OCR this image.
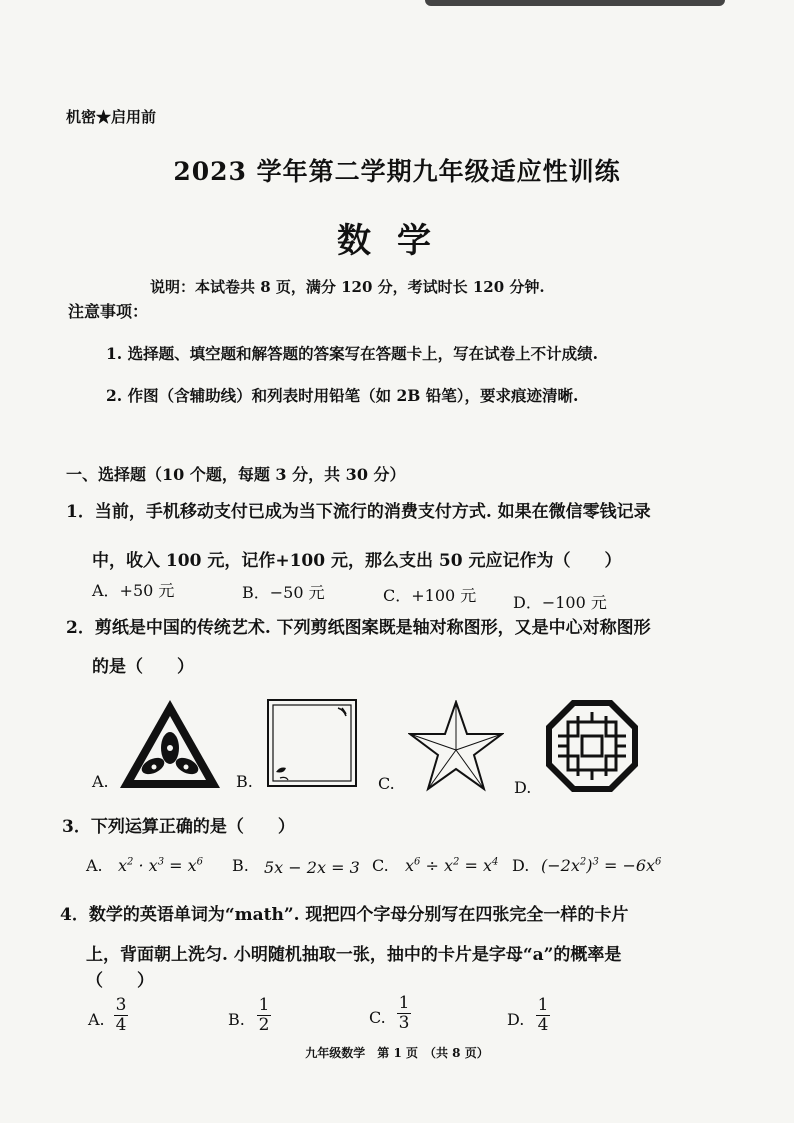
机密★启用前
2023 学年第二学期九年级适应性训练
数学
说明：本试卷共 8 页，满分 120 分，考试时长 120 分钟.
注意事项：
1. 选择题、填空题和解答题的答案写在答题卡上，写在试卷上不计成绩.
2. 作图（含辅助线）和列表时用铅笔（如 2B 铅笔），要求痕迹清晰.
一、选择题（10 个题，每题 3 分，共 30 分）
1．当前，手机移动支付已成为当下流行的消费支付方式. 如果在微信零钱记录
中，收入 100 元，记作+100 元，那么支出 50 元应记作为（　　）
A．+50 元	B．−50 元	C．+100 元 D．−100 元
2．剪纸是中国的传统艺术. 下列剪纸图案既是轴对称图形，又是中心对称图形
的是（　　）
A.	B.	C.	D.
3．下列运算正确的是（　　）
A. $x^2 \cdot x^3 = x^6$ B. 5x − 2x = 3 C. $x^6 \div x^2 = x^4$ D. $(-2x^2)^3 = -6x^6$
4．数学的英语单词为“math”. 现把四个字母分别写在四张完全一样的卡片
上，背面朝上洗匀. 小明随机抽取一张，抽中的卡片是字母“a”的概率是
（　　）
A. $\frac{3}{4}$	B. $\frac{1}{2}$	C. $\frac{1}{3}$	D. $\frac{1}{4}$
九年级数学　第 1 页　（共 8 页）
